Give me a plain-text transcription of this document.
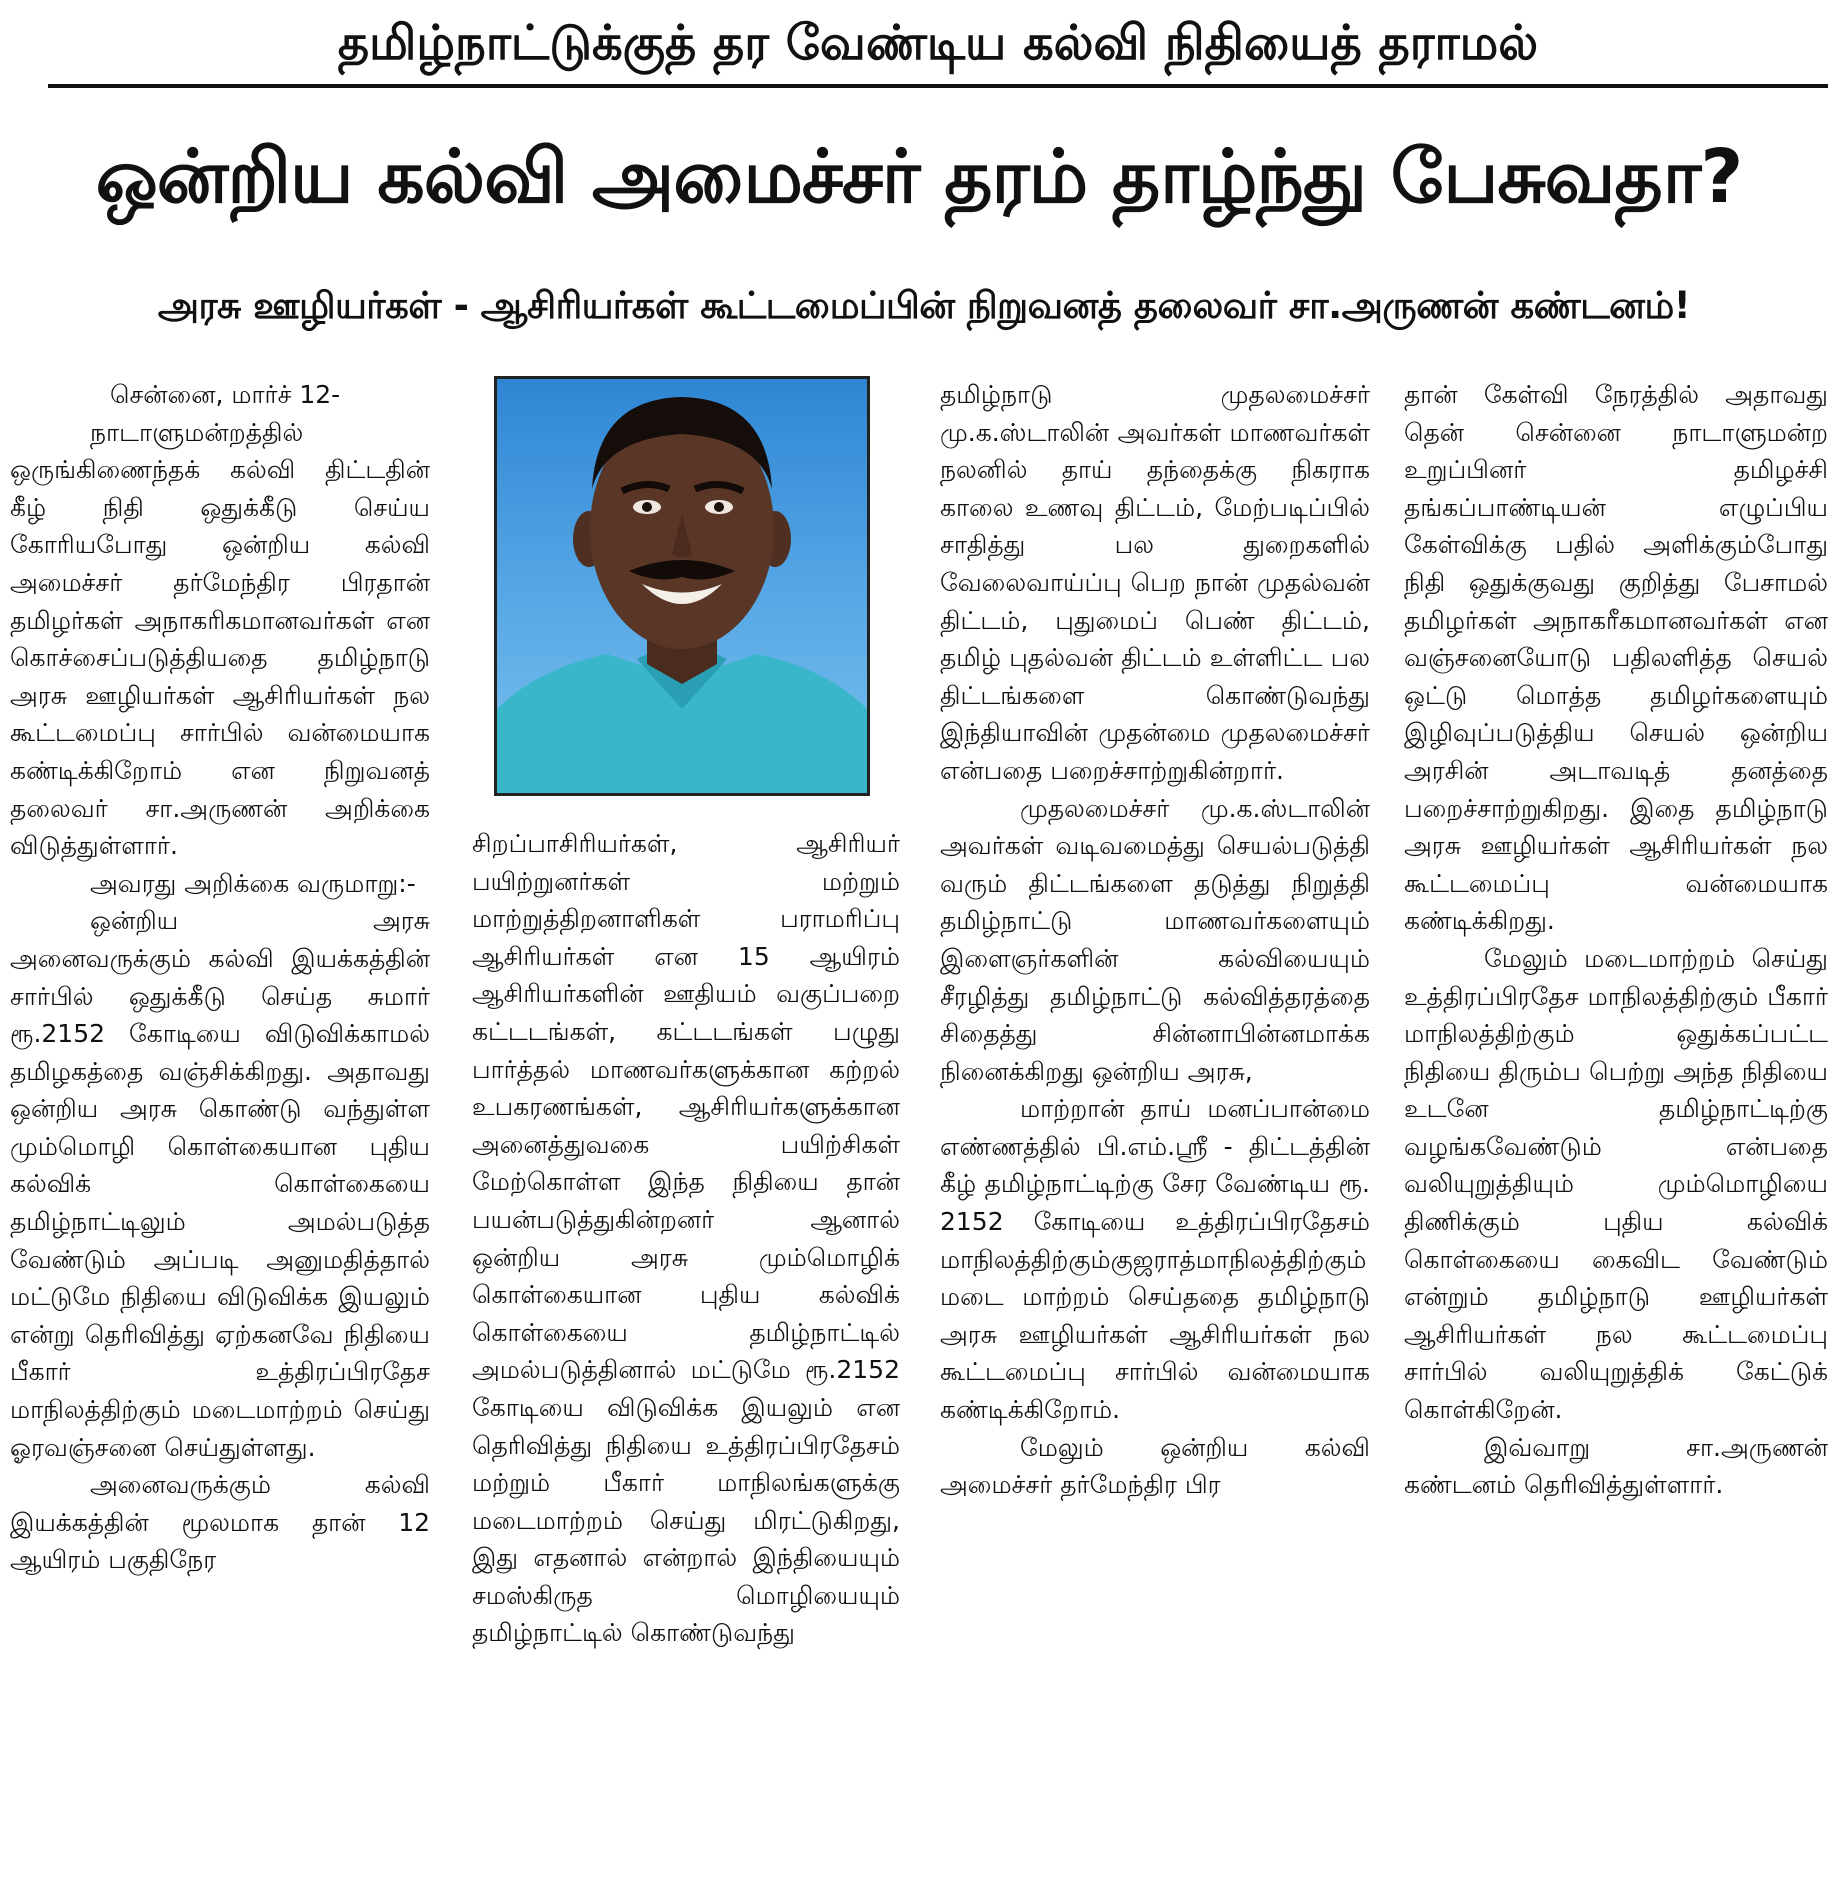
தமிழ்நாட்டுக்குத் தர வேண்டிய கல்வி நிதியைத் தராமல்
ஒன்றிய கல்வி அமைச்சர் தரம் தாழ்ந்து பேசுவதா?
அரசு ஊழியர்கள் - ஆசிரியர்கள் கூட்டமைப்பின் நிறுவனத் தலைவர் சா.அருணன் கண்டனம்!

சென்னை, மார்ச் 12-

நாடாளுமன்றத்தில் ஒருங்கிணைந்தக் கல்வி திட்டதின் கீழ் நிதி ஒதுக்கீடு செய்ய கோரியபோது ஒன்றிய கல்வி அமைச்சர் தர்மேந்திர பிரதான் தமிழர்கள் அநாகரிகமானவர்கள் என கொச்சைப்படுத்தியதை தமிழ்நாடு அரசு ஊழியர்கள் ஆசிரியர்கள் நல கூட்டமைப்பு சார்பில் வன்மையாக கண்டிக்கிறோம் என நிறுவனத் தலைவர் சா.அருணன் அறிக்கை விடுத்துள்ளார்.

அவரது அறிக்கை வருமாறு:-

ஒன்றிய அரசு அனைவருக்கும் கல்வி இயக்கத்தின் சார்பில் ஒதுக்கீடு செய்த சுமார் ரூ.2152 கோடியை விடுவிக்காமல் தமிழகத்தை வஞ்சிக்கிறது. அதாவது ஒன்றிய அரசு கொண்டு வந்துள்ள மும்மொழி கொள்கையான புதிய கல்விக் கொள்கையை தமிழ்நாட்டிலும் அமல்படுத்த வேண்டும் அப்படி அனுமதித்தால் மட்டுமே நிதியை விடுவிக்க இயலும் என்று தெரிவித்து ஏற்கனவே நிதியை பீகார் உத்திரப்பிரதேச மாநிலத்திற்கும் மடைமாற்றம் செய்து ஓரவஞ்சனை செய்துள்ளது.

அனைவருக்கும் கல்வி இயக்கத்தின் மூலமாக தான் 12 ஆயிரம் பகுதிநேர

சிறப்பாசிரியர்கள், ஆசிரியர் பயிற்றுனர்கள் மற்றும் மாற்றுத்திறனாளிகள் பராமரிப்பு ஆசிரியர்கள் என 15 ஆயிரம் ஆசிரியர்களின் ஊதியம் வகுப்பறை கட்டடங்கள், கட்டடங்கள் பழுது பார்த்தல் மாணவர்களுக்கான கற்றல் உபகரணங்கள், ஆசிரியர்களுக்கான அனைத்துவகை பயிற்சிகள் மேற்கொள்ள இந்த நிதியை தான் பயன்படுத்துகின்றனர் ஆனால் ஒன்றிய அரசு மும்மொழிக் கொள்கையான புதிய கல்விக் கொள்கையை தமிழ்நாட்டில் அமல்படுத்தினால் மட்டுமே ரூ.2152 கோடியை விடுவிக்க இயலும் என தெரிவித்து நிதியை உத்திரப்பிரதேசம் மற்றும் பீகார் மாநிலங்களுக்கு மடைமாற்றம் செய்து மிரட்டுகிறது, இது எதனால் என்றால் இந்தியையும் சமஸ்கிருத மொழியையும் தமிழ்நாட்டில் கொண்டுவந்து

தமிழ்நாடு முதலமைச்சர் மு.க.ஸ்டாலின் அவர்கள் மாணவர்கள் நலனில் தாய் தந்தைக்கு நிகராக காலை உணவு திட்டம், மேற்படிப்பில் சாதித்து பல துறைகளில் வேலைவாய்ப்பு பெற நான் முதல்வன் திட்டம், புதுமைப் பெண் திட்டம், தமிழ் புதல்வன் திட்டம் உள்ளிட்ட பல திட்டங்களை கொண்டுவந்து இந்தியாவின் முதன்மை முதலமைச்சர் என்பதை பறைச்சாற்றுகின்றார்.

முதலமைச்சர் மு.க.ஸ்டாலின் அவர்கள் வடிவமைத்து செயல்படுத்தி வரும் திட்டங்களை தடுத்து நிறுத்தி தமிழ்நாட்டு மாணவர்களையும் இளைஞர்களின் கல்வியையும் சீரழித்து தமிழ்நாட்டு கல்வித்தரத்தை சிதைத்து சின்னாபின்னமாக்க நினைக்கிறது ஒன்றிய அரசு,

மாற்றான் தாய் மனப்பான்மை எண்ணத்தில் பி.எம்.ஸ்ரீ - திட்டத்தின் கீழ் தமிழ்நாட்டிற்கு சேர வேண்டிய ரூ. 2152 கோடியை உத்திரப்பிரதேசம் மாநிலத்திற்கும்குஜராத்மாநிலத்திற்கும் மடை மாற்றம் செய்ததை தமிழ்நாடு அரசு ஊழியர்கள் ஆசிரியர்கள் நல கூட்டமைப்பு சார்பில் வன்மையாக கண்டிக்கிறோம்.

மேலும் ஒன்றிய கல்வி அமைச்சர் தர்மேந்திர பிர

தான் கேள்வி நேரத்தில் அதாவது தென் சென்னை நாடாளுமன்ற உறுப்பினர் தமிழச்சி தங்கப்பாண்டியன் எழுப்பிய கேள்விக்கு பதில் அளிக்கும்போது நிதி ஒதுக்குவது குறித்து பேசாமல் தமிழர்கள் அநாகரீகமானவர்கள் என வஞ்சனையோடு பதிலளித்த செயல் ஒட்டு மொத்த தமிழர்களையும் இழிவுப்படுத்திய செயல் ஒன்றிய அரசின் அடாவடித் தனத்தை பறைச்சாற்றுகிறது. இதை தமிழ்நாடு அரசு ஊழியர்கள் ஆசிரியர்கள் நல கூட்டமைப்பு வன்மையாக கண்டிக்கிறது.

மேலும் மடைமாற்றம் செய்து உத்திரப்பிரதேச மாநிலத்திற்கும் பீகார் மாநிலத்திற்கும் ஒதுக்கப்பட்ட நிதியை திரும்ப பெற்று அந்த நிதியை உடனே தமிழ்நாட்டிற்கு வழங்கவேண்டும் என்பதை வலியுறுத்தியும் மும்மொழியை திணிக்கும் புதிய கல்விக் கொள்கையை கைவிட வேண்டும் என்றும் தமிழ்நாடு ஊழியர்கள் ஆசிரியர்கள் நல கூட்டமைப்பு சார்பில் வலியுறுத்திக் கேட்டுக் கொள்கிறேன்.

இவ்வாறு சா.அருணன் கண்டனம் தெரிவித்துள்ளார்.
